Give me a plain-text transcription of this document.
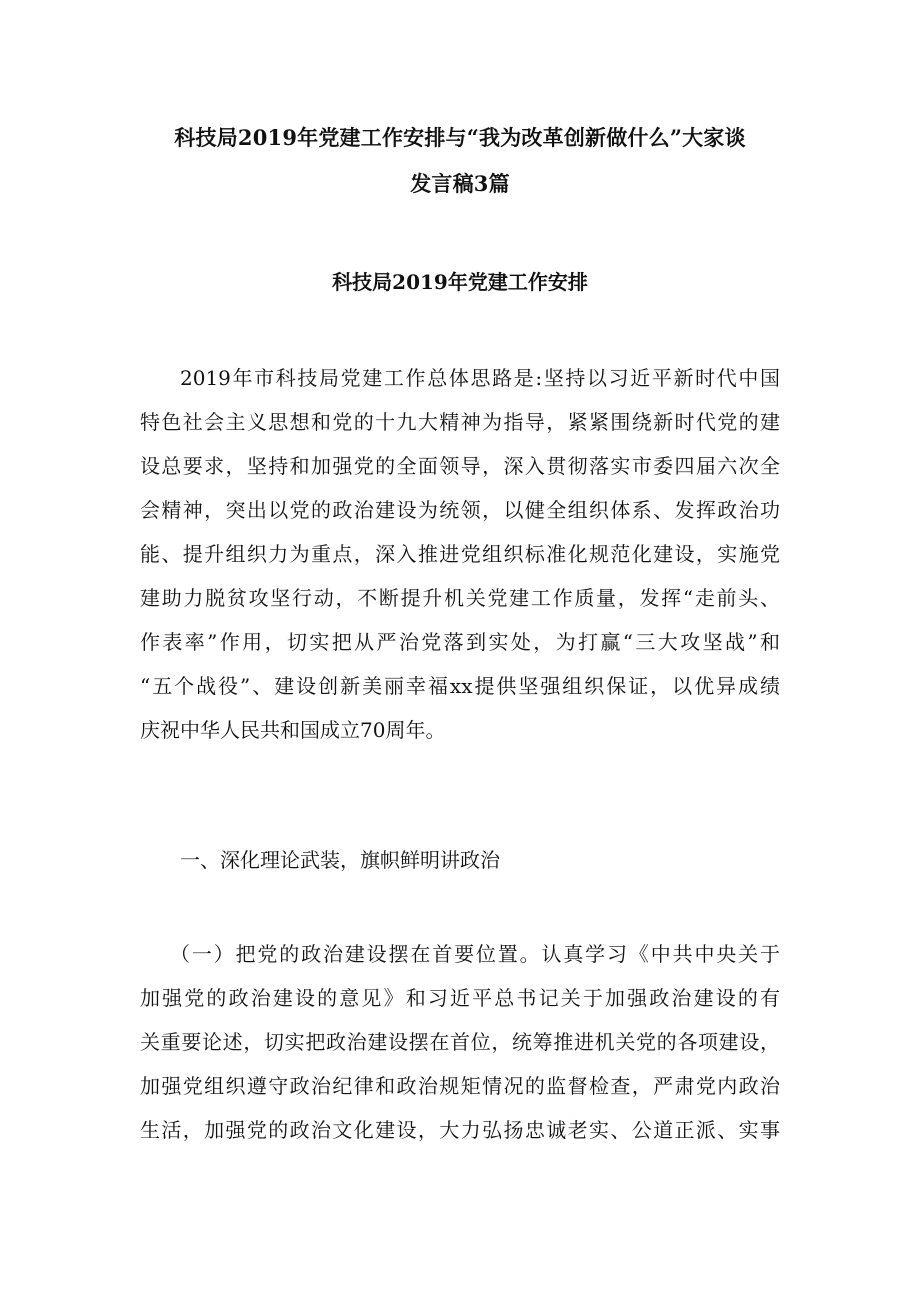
科技局2019年党建工作安排与“我为改革创新做什么”大家谈
发言稿3篇
科技局2019年党建工作安排
2019年市科技局党建工作总体思路是:坚持以习近平新时代中国
特色社会主义思想和党的十九大精神为指导，紧紧围绕新时代党的建
设总要求，坚持和加强党的全面领导，深入贯彻落实市委四届六次全
会精神，突出以党的政治建设为统领，以健全组织体系、发挥政治功
能、提升组织力为重点，深入推进党组织标准化规范化建设，实施党
建助力脱贫攻坚行动，不断提升机关党建工作质量，发挥“走前头、
作表率”作用，切实把从严治党落到实处，为打赢“三大攻坚战”和
“五个战役”、建设创新美丽幸福xx提供坚强组织保证，以优异成绩
庆祝中华人民共和国成立70周年。
一、深化理论武装，旗帜鲜明讲政治
（一）把党的政治建设摆在首要位置。认真学习《中共中央关于
加强党的政治建设的意见》和习近平总书记关于加强政治建设的有
关重要论述，切实把政治建设摆在首位，统筹推进机关党的各项建设，
加强党组织遵守政治纪律和政治规矩情况的监督检查，严肃党内政治
生活，加强党的政治文化建设，大力弘扬忠诚老实、公道正派、实事
